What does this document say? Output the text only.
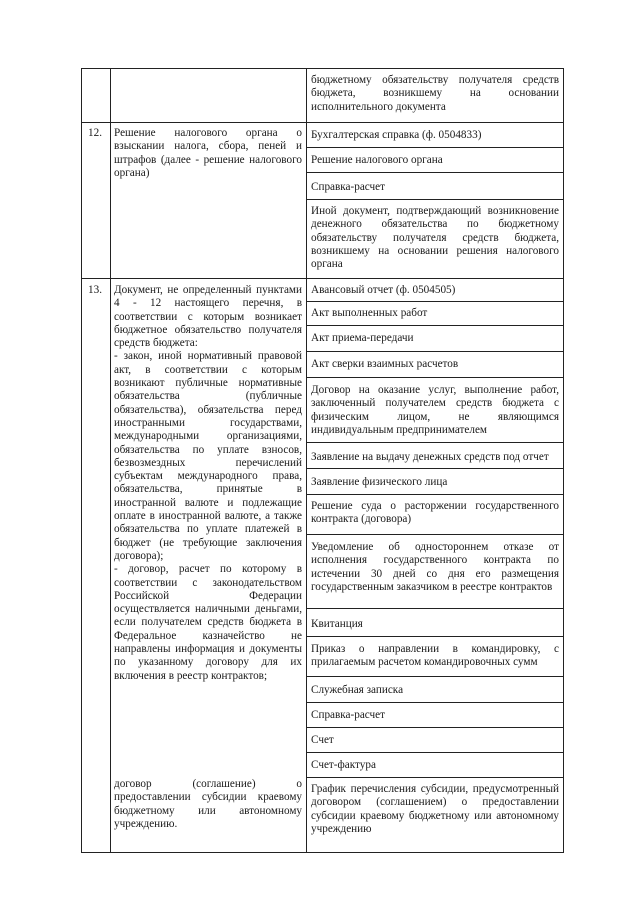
бюджетному обязательству получателя средств бюджета, возникшему на основании исполнительного документа

12. Решение налогового органа о взыскании налога, сбора, пеней и штрафов (далее - решение налогового органа)

Бухгалтерская справка (ф. 0504833)

Решение налогового органа

Справка-расчет

Иной документ, подтверждающий возникновение денежного обязательства по бюджетному обязательству получателя средств бюджета, возникшему на основании решения налогового органа

13. Документ, не определенный пунктами 4 - 12 настоящего перечня, в соответствии с которым возникает бюджетное обязательство получателя средств бюджета:
- закон, иной нормативный правовой акт, в соответствии с которым возникают публичные нормативные обязательства (публичные обязательства), обязательства перед иностранными государствами, международными организациями, обязательства по уплате взносов, безвозмездных перечислений субъектам международного права, обязательства, принятые в иностранной валюте и подлежащие оплате в иностранной валюте, а также обязательства по уплате платежей в бюджет (не требующие заключения договора);
- договор, расчет по которому в соответствии с законодательством Российской Федерации осуществляется наличными деньгами, если получателем средств бюджета в Федеральное казначейство не направлены информация и документы по указанному договору для их включения в реестр контрактов;

договор (соглашение) о предоставлении субсидии краевому бюджетному или автономному учреждению.

Авансовый отчет (ф. 0504505)

Акт выполненных работ

Акт приема-передачи

Акт сверки взаимных расчетов

Договор на оказание услуг, выполнение работ, заключенный получателем средств бюджета с физическим лицом, не являющимся индивидуальным предпринимателем

Заявление на выдачу денежных средств под отчет

Заявление физического лица

Решение суда о расторжении государственного контракта (договора)

Уведомление об одностороннем отказе от исполнения государственного контракта по истечении 30 дней со дня его размещения государственным заказчиком в реестре контрактов

Квитанция

Приказ о направлении в командировку, с прилагаемым расчетом командировочных сумм

Служебная записка

Справка-расчет

Счет

Счет-фактура

График перечисления субсидии, предусмотренный договором (соглашением) о предоставлении субсидии краевому бюджетному или автономному учреждению
